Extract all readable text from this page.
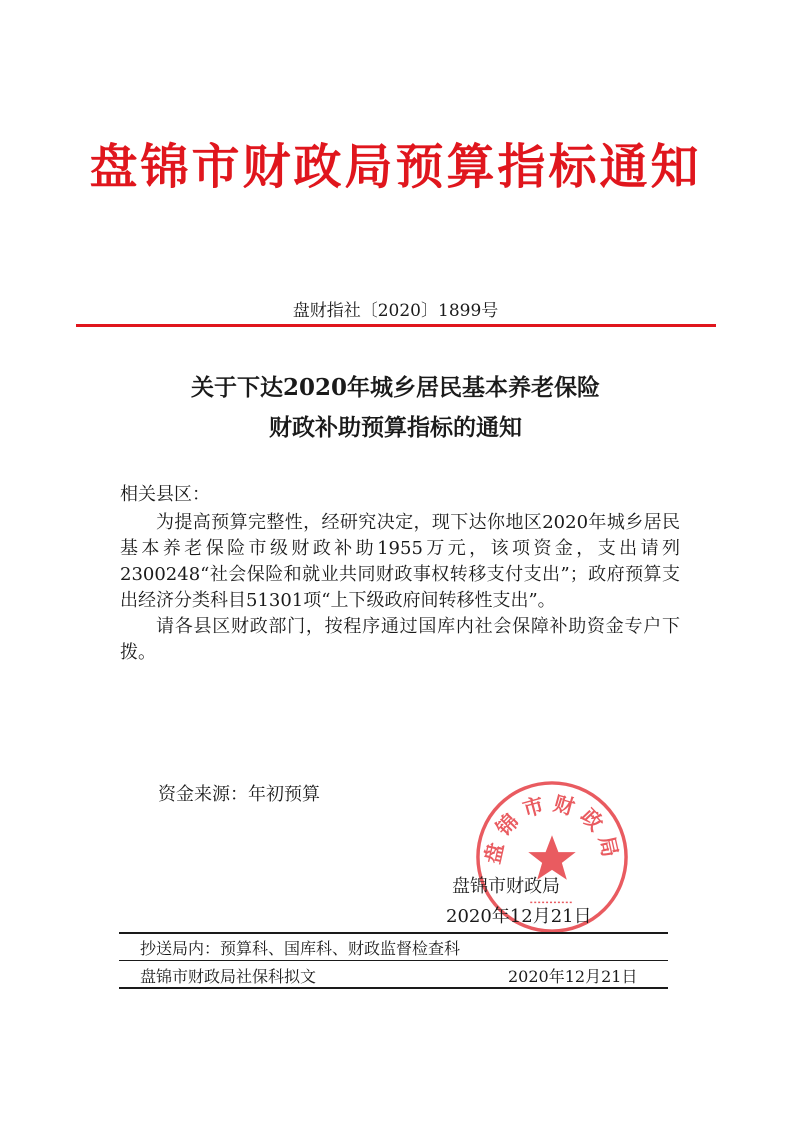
盘锦市财政局预算指标通知
盘财指社〔2020〕1899号
关于下达2020年城乡居民基本养老保险
财政补助预算指标的通知
相关县区：

为提高预算完整性，经研究决定，现下达你地区2020年城乡居民基本养老保险市级财政补助1955万元，该项资金，支出请列2300248“社会保险和就业共同财政事权转移支付支出”；政府预算支出经济分类科目51301项“上下级政府间转移性支出”。

请各县区财政部门，按程序通过国库内社会保障补助资金专户下拨。

资金来源：年初预算
盘锦市财政局
盘锦市财政局
2020年12月21日
抄送局内：预算科、国库科、财政监督检查科
盘锦市财政局社保科拟文	2020年12月21日
